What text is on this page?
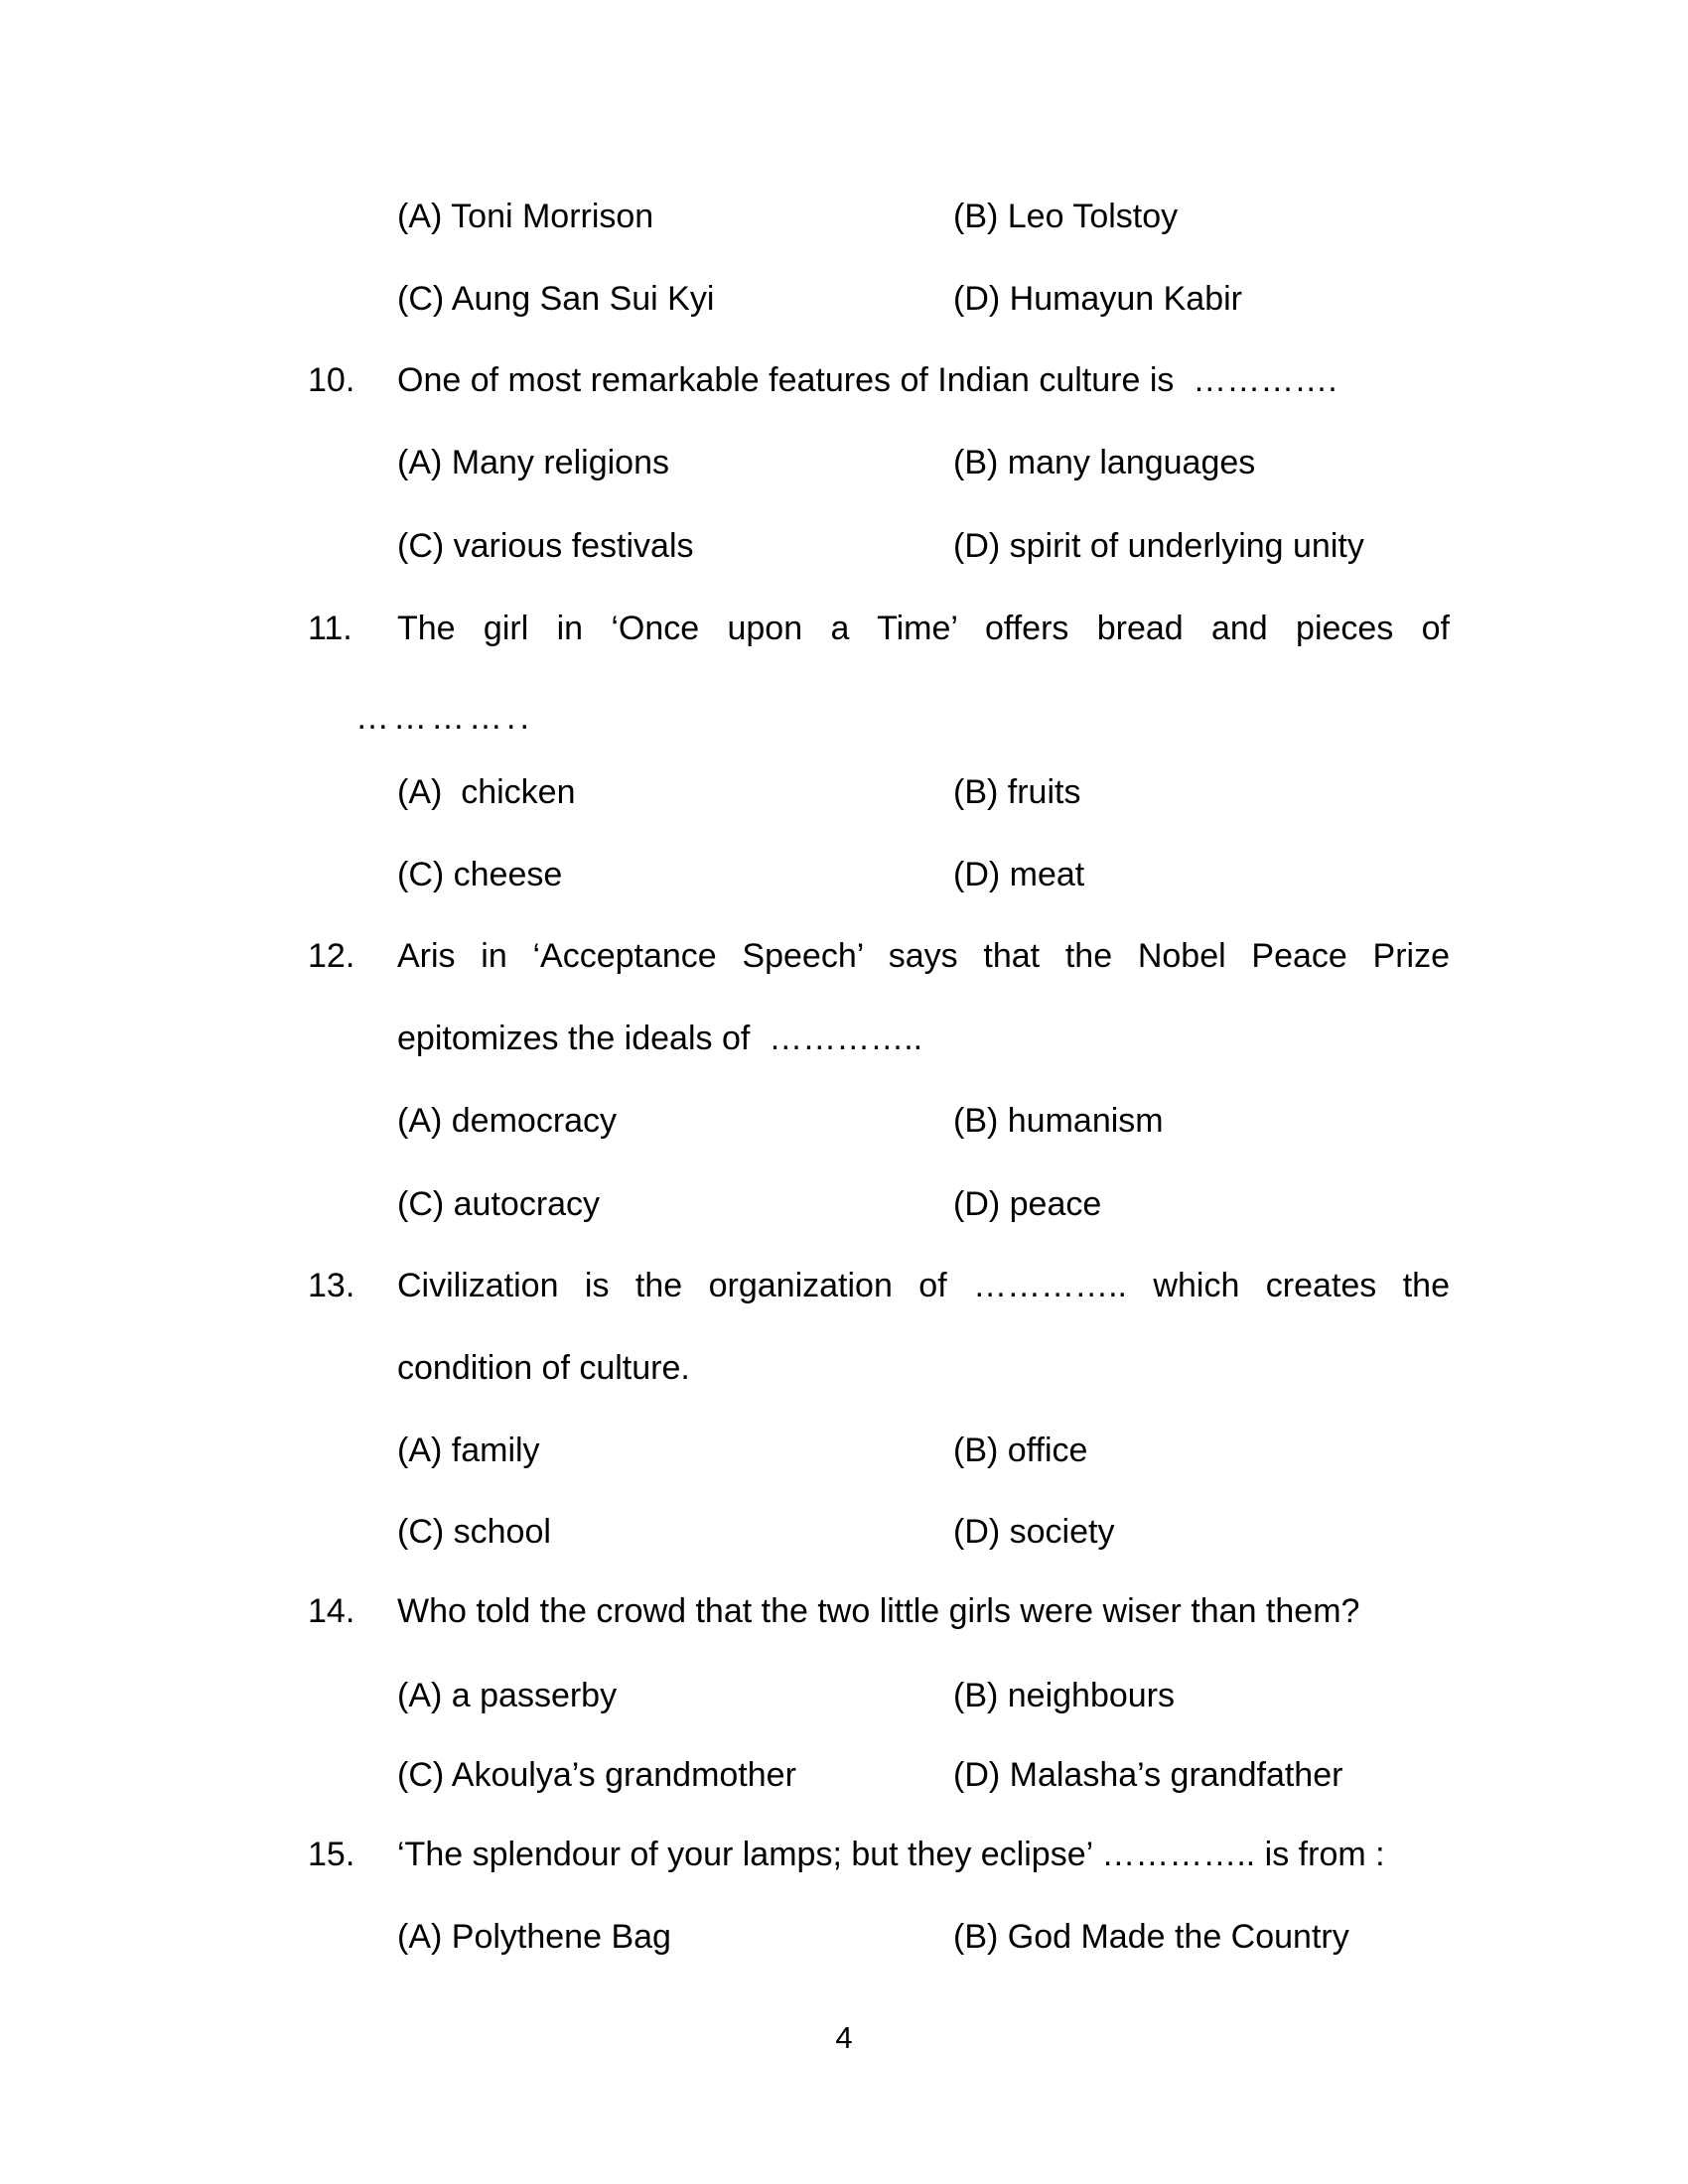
(A) Toni Morrison	(B) Leo Tolstoy
(C) Aung San Sui Kyi	(D) Humayun Kabir
10. One of most remarkable features of Indian culture is  ………….
(A) Many religions	(B) many languages
(C) various festivals	(D) spirit of underlying unity
11. The girl in ‘Once upon a Time’ offers bread and pieces of
…………..
(A)  chicken	(B) fruits
(C) cheese	(D) meat
12. Aris in ‘Acceptance Speech’ says that the Nobel Peace Prize
epitomizes the ideals of  …………..
(A) democracy	(B) humanism
(C) autocracy	(D) peace
13. Civilization is the organization of ………….. which creates the
condition of culture.
(A) family	(B) office
(C) school	(D) society
14. Who told the crowd that the two little girls were wiser than them?
(A) a passerby	(B) neighbours
(C) Akoulya’s grandmother	(D) Malasha’s grandfather
15. ‘The splendour of your lamps; but they eclipse’ ………….. is from :
(A) Polythene Bag	(B) God Made the Country
4
